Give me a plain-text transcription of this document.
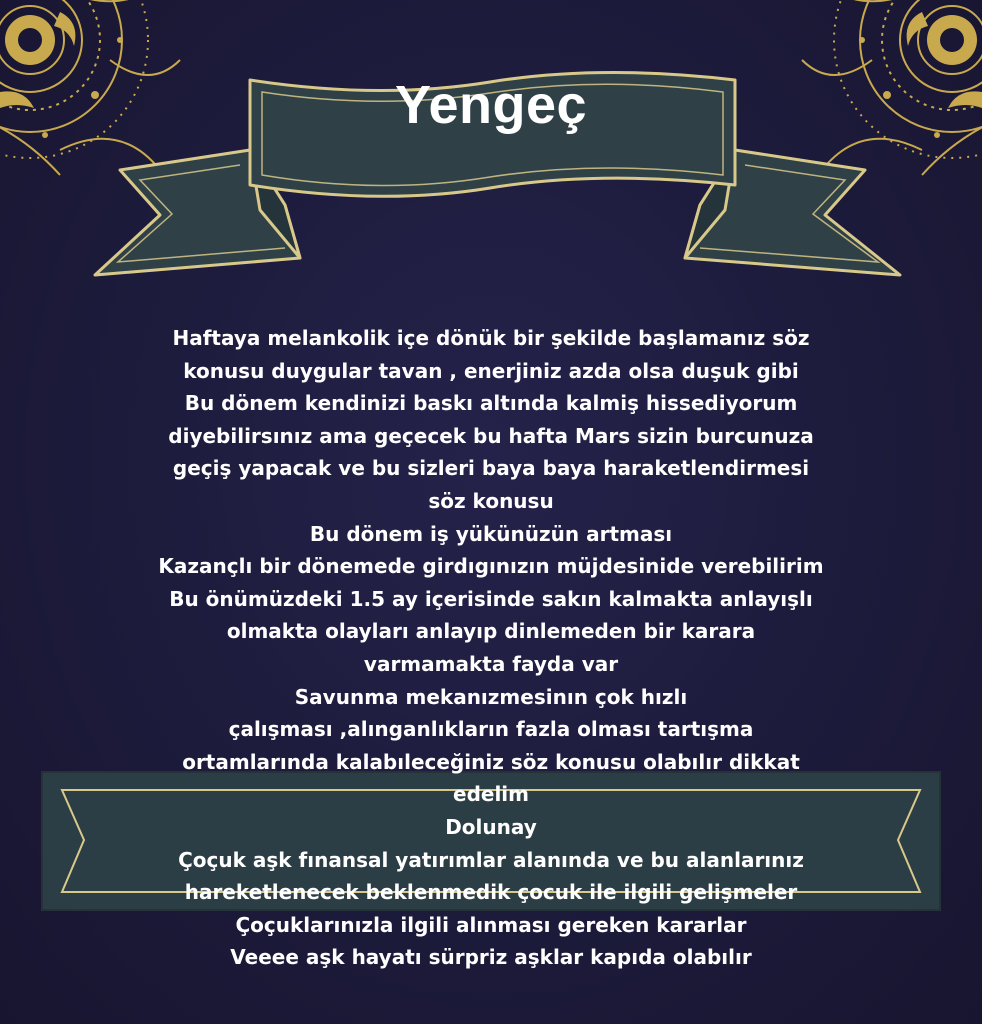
Yengeç
Haftaya melankolik içe dönük bir şekilde başlamanız söz
konusu duygular tavan , enerjiniz azda olsa duşuk gibi
Bu dönem kendinizi baskı altında kalmiş hissediyorum
diyebilirsınız ama geçecek bu hafta Mars sizin burcunuza
geçiş yapacak ve bu sizleri baya baya haraketlendirmesi
söz konusu
Bu dönem iş yükünüzün artması
Kazançlı bir dönemede girdıgınızın müjdesinide verebilirim
Bu önümüzdeki 1.5 ay içerisinde sakın kalmakta anlayışlı
olmakta olayları anlayıp dinlemeden bir karara
varmamakta fayda var
Savunma mekanızmesinın çok hızlı
çalışması ,alınganlıkların fazla olması tartışma
ortamlarında kalabıleceğiniz söz konusu olabılır dikkat
edelim
Dolunay
Çoçuk aşk fınansal yatırımlar alanında ve bu alanlarınız
hareketlenecek beklenmedik çocuk ile ilgili gelişmeler
Çoçuklarınızla ilgili alınması gereken kararlar
Veeee aşk hayatı sürpriz aşklar kapıda olabılır
